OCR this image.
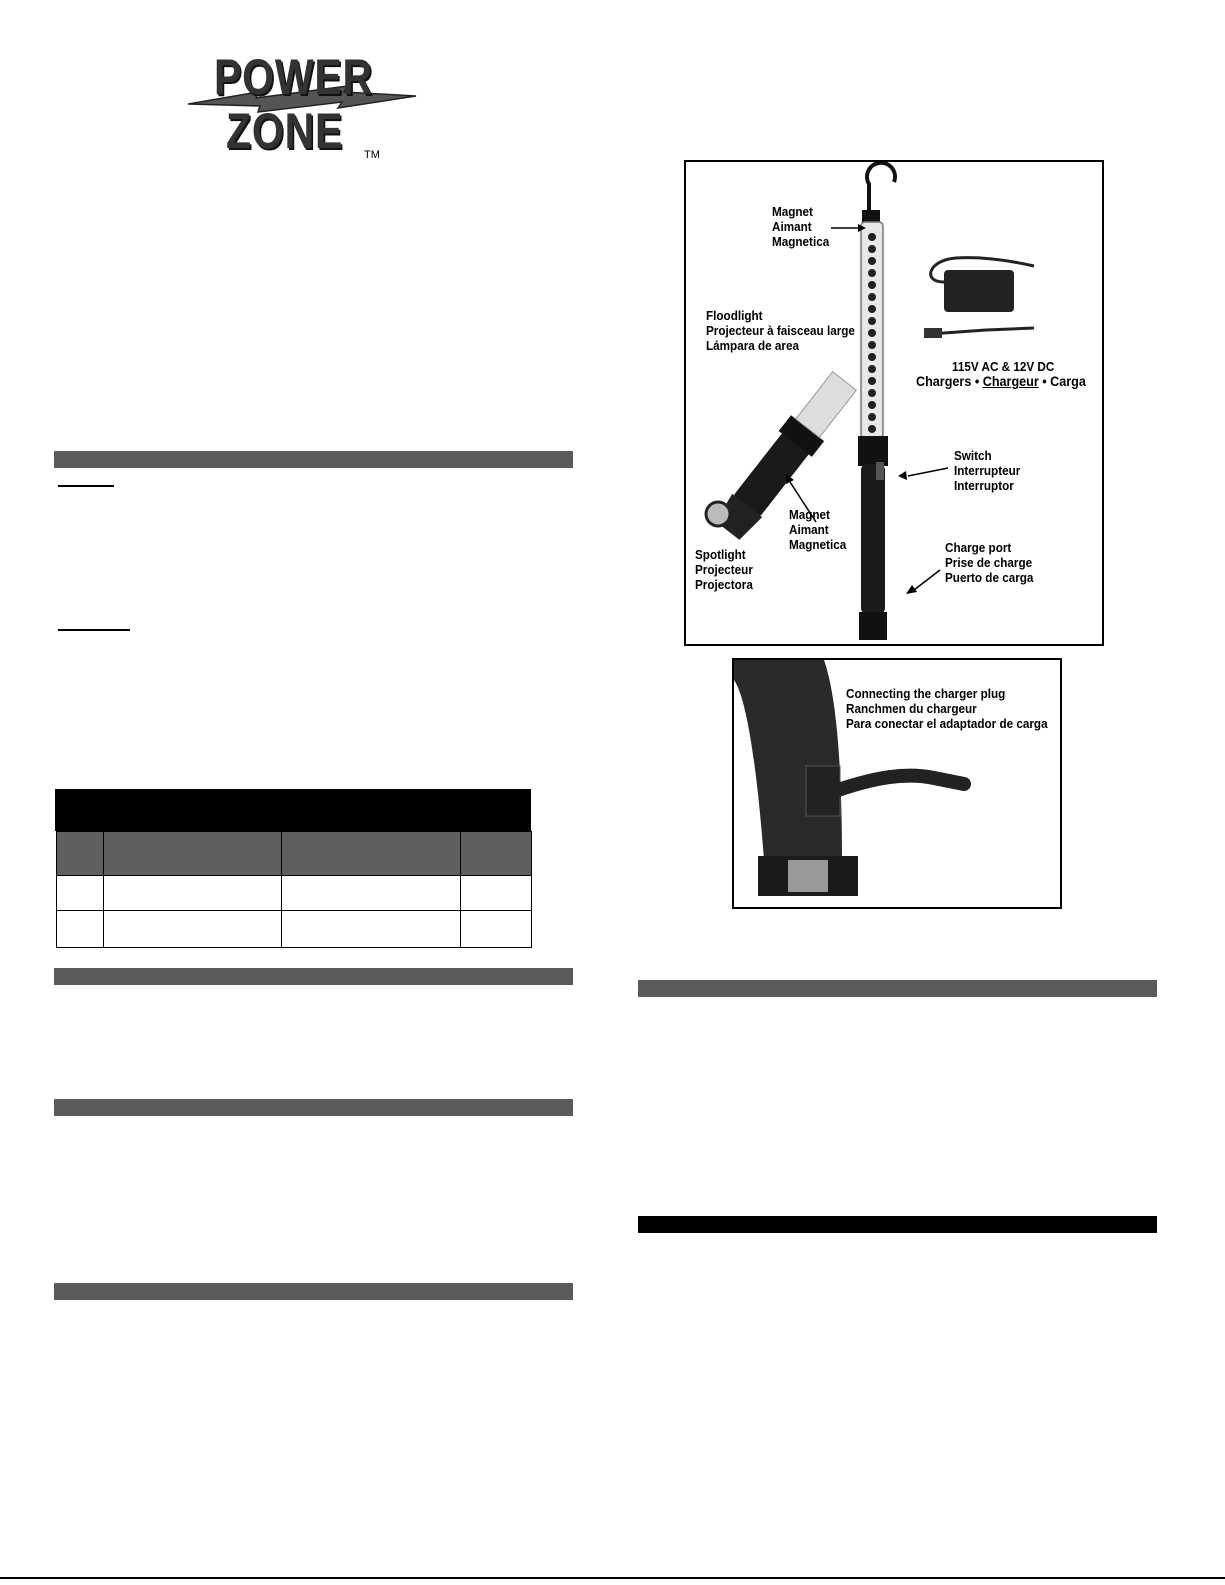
POWER
ZONE TM

Magnet
Aimant
Magnetica
Floodlight
Projecteur à faisceau large
Lámpara de area
115V AC & 12V DC
Chargers • Chargeur • Carga
Switch
Interrupteur
Interruptor
Magnet
Aimant
Magnetica
Spotlight
Projecteur
Projectora
Charge port
Prise de charge
Puerto de carga
Connecting the charger plug
Ranchmen du chargeur
Para conectar el adaptador de carga
